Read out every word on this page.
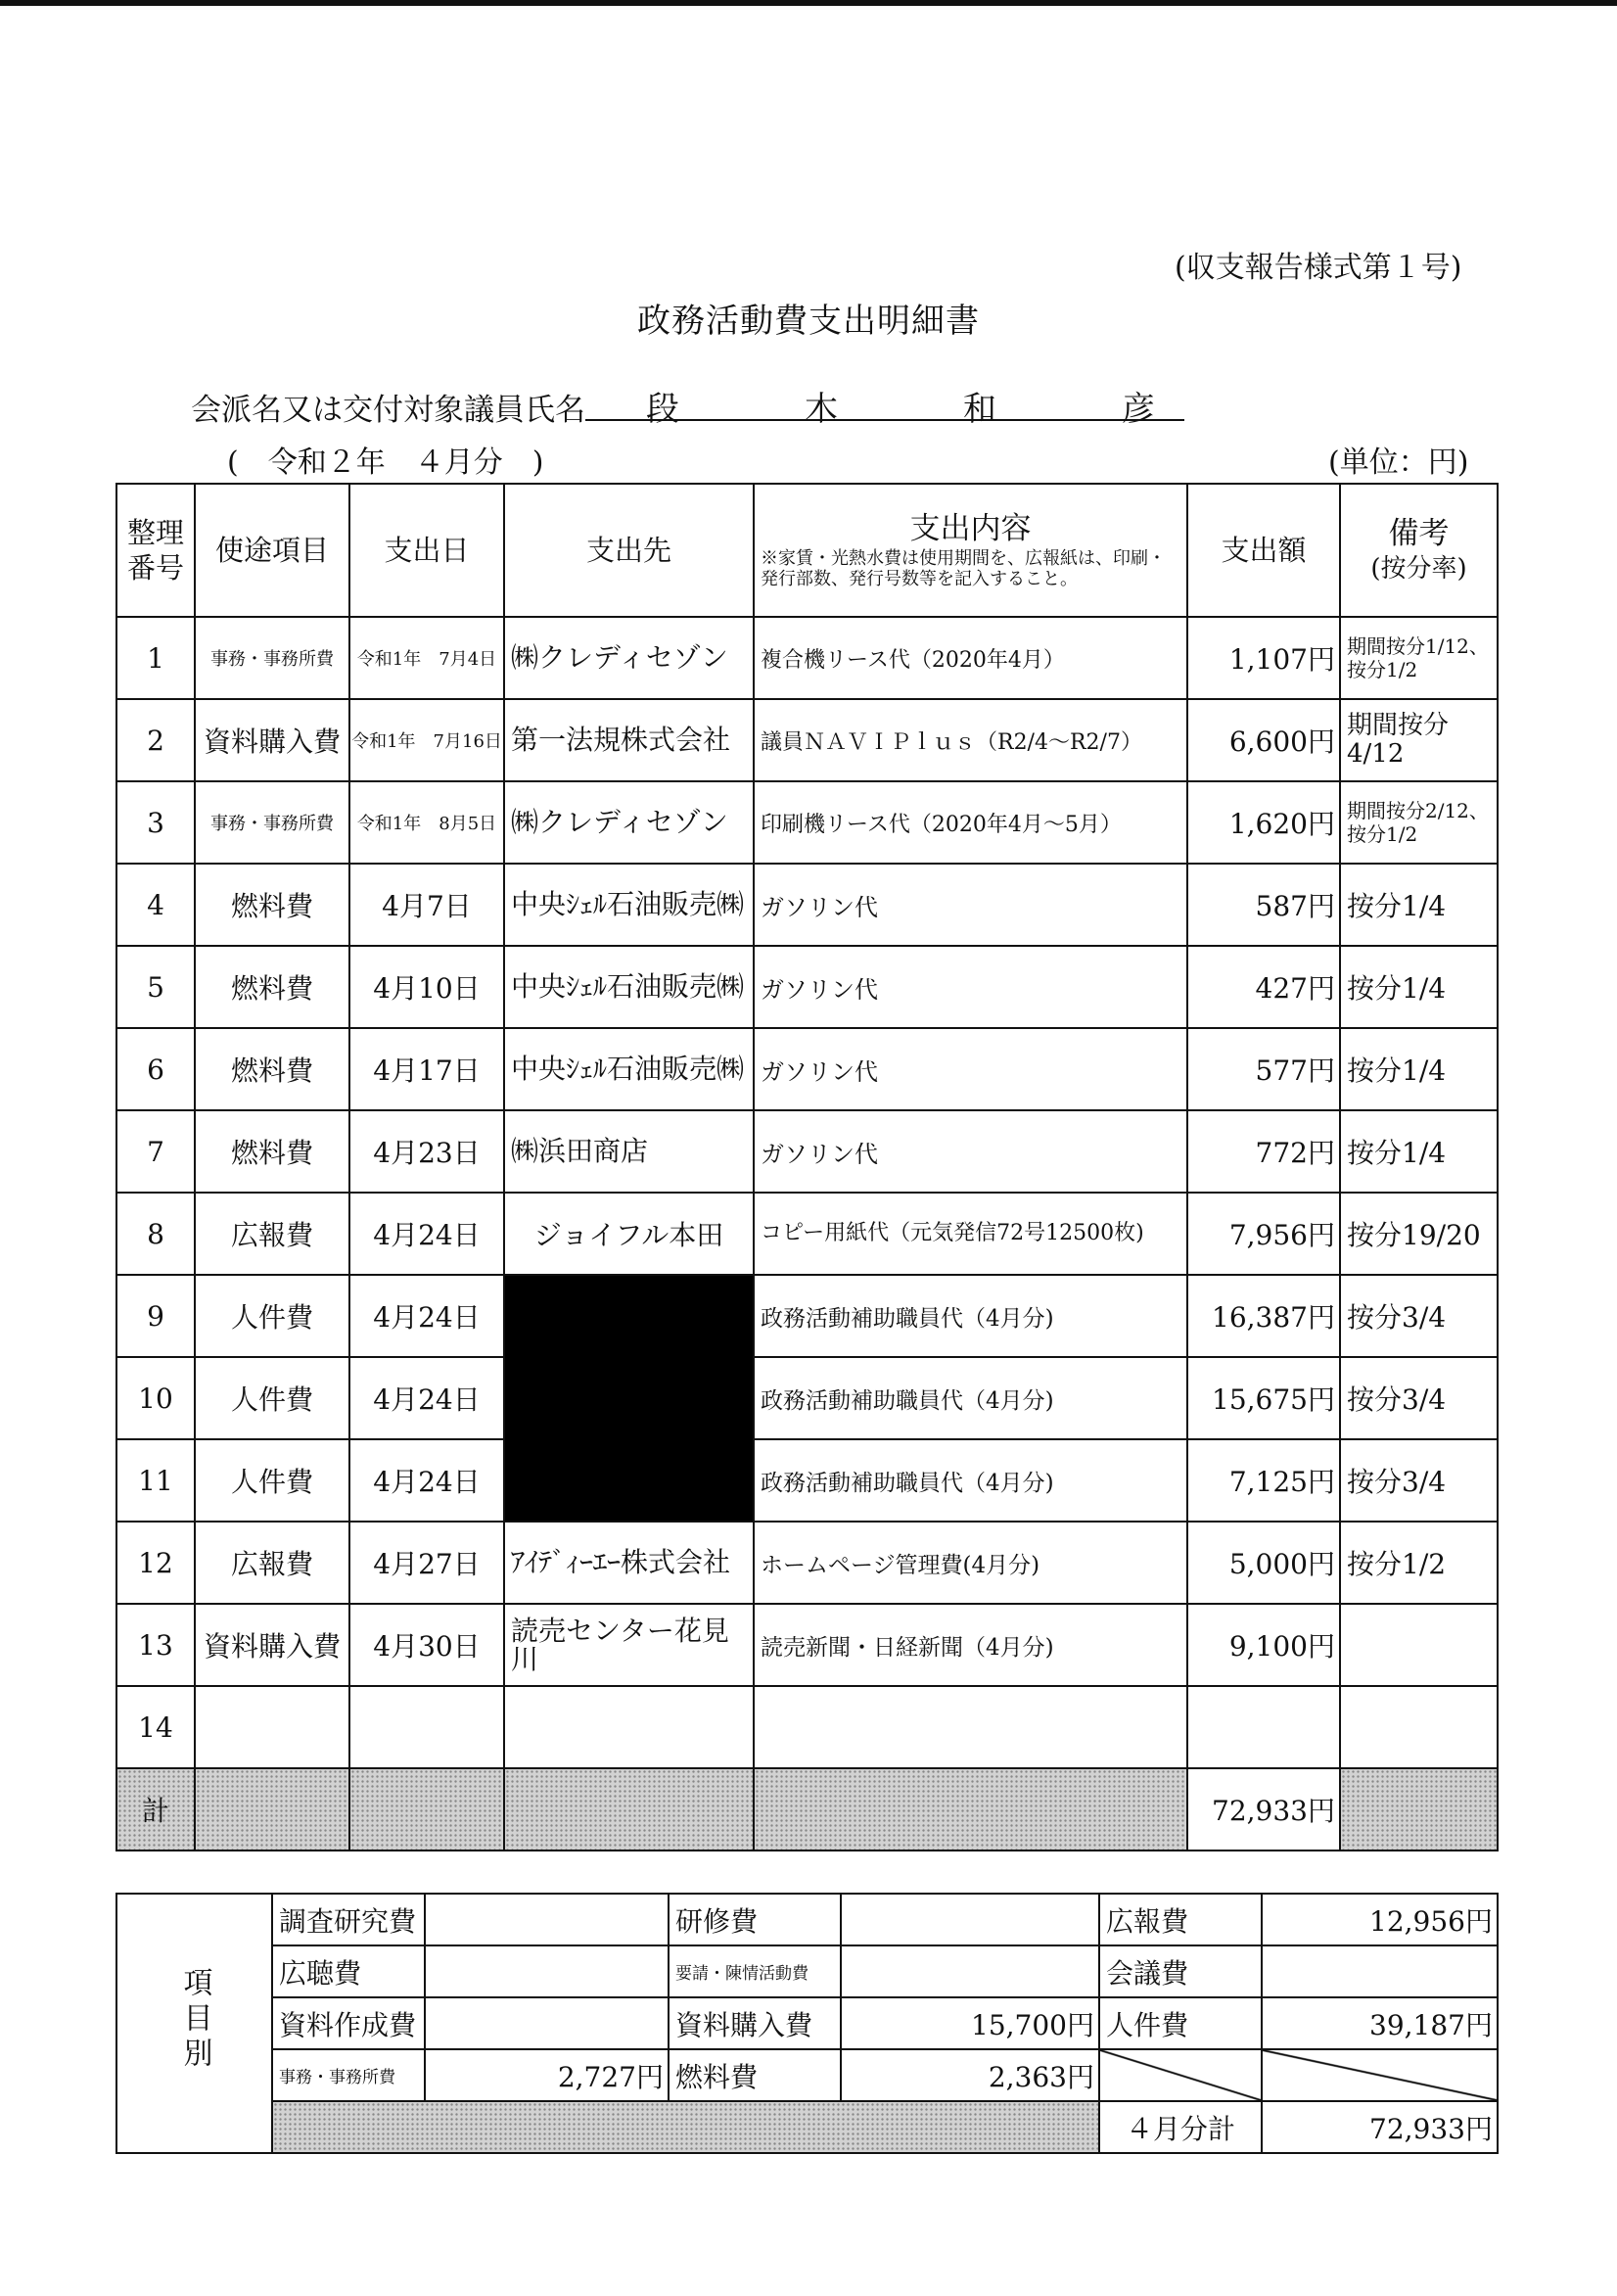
(収支報告様式第１号)
政務活動費支出明細書
会派名又は交付対象議員氏名 段	木	和	彦
(　令和２年　４月分　)	(単位：円)
整理番号	使途項目	支出日	支出先	支出内容
※家賃・光熱水費は使用期間を、広報紙は、印刷・発行部数、発行号数等を記入すること。	支出額	備考
(按分率)

1	事務・事務所費	令和1年　7月4日	㈱クレディセゾン	複合機リース代（2020年4月）	1,107円	期間按分1/12、按分1/2
2	資料購入費	令和1年　7月16日	第一法規株式会社	議員ＮＡＶＩＰｌｕｓ（R2/4～R2/7）	6,600円	期間按分4/12
3	事務・事務所費	令和1年　8月5日	㈱クレディセゾン	印刷機リース代（2020年4月～5月）	1,620円	期間按分2/12、按分1/2
4	燃料費	4月7日	中央ｼｪﾙ石油販売㈱	ガソリン代	587円	按分1/4
5	燃料費	4月10日	中央ｼｪﾙ石油販売㈱	ガソリン代	427円	按分1/4
6	燃料費	4月17日	中央ｼｪﾙ石油販売㈱	ガソリン代	577円	按分1/4
7	燃料費	4月23日	㈱浜田商店	ガソリン代	772円	按分1/4
8	広報費	4月24日	ジョイフル本田	コピー用紙代（元気発信72号12500枚)	7,956円	按分19/20
9	人件費	4月24日		政務活動補助職員代（4月分)	16,387円	按分3/4
10	人件費	4月24日		政務活動補助職員代（4月分)	15,675円	按分3/4
11	人件費	4月24日		政務活動補助職員代（4月分)	7,125円	按分3/4
12	広報費	4月27日	ｱｲﾃﾞｨｰｴｰ株式会社	ホームページ管理費(4月分)	5,000円	按分1/2
13	資料購入費	4月30日	読売センター花見川	読売新聞・日経新聞（4月分)	9,100円	
14						
計					72,933円	
項目別	調査研究費		研修費		広報費	12,956円
	広聴費		要請・陳情活動費		会議費	
	資料作成費		資料購入費	15,700円	人件費	39,187円
	事務・事務所費	2,727円	燃料費	2,363円		
					４月分計	72,933円
